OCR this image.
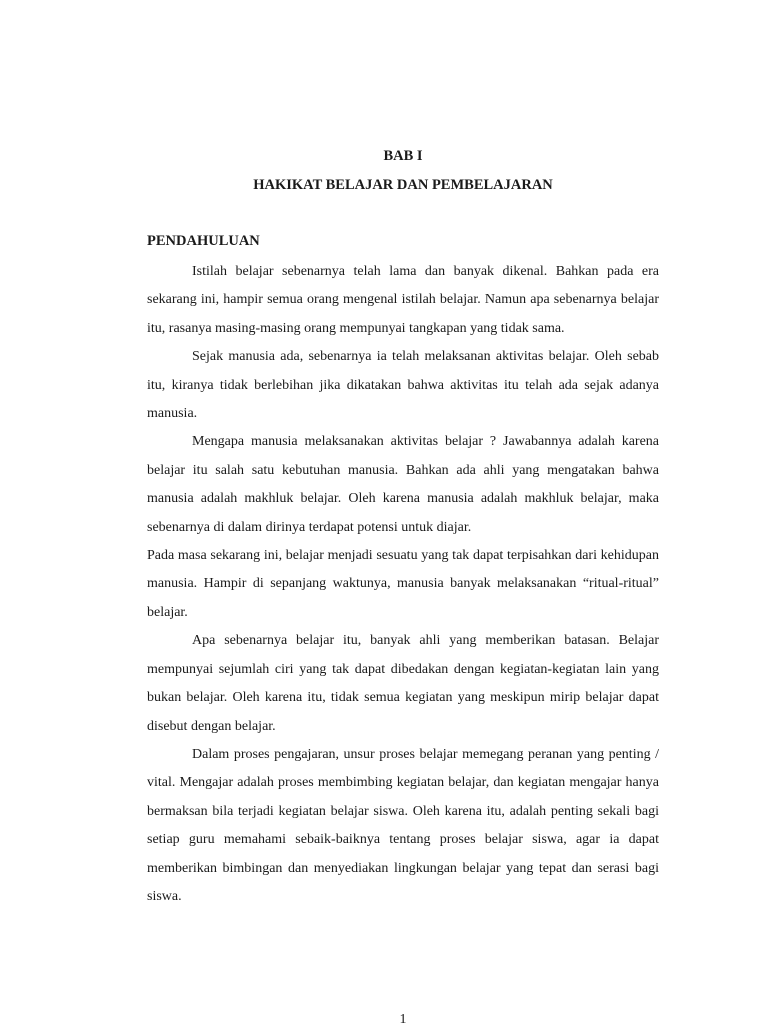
BAB I
HAKIKAT BELAJAR DAN PEMBELAJARAN
PENDAHULUAN

Istilah belajar sebenarnya telah lama dan banyak dikenal. Bahkan pada era sekarang ini, hampir semua orang mengenal istilah belajar. Namun apa sebenarnya belajar itu, rasanya masing-masing orang mempunyai tangkapan yang tidak sama.

Sejak manusia ada, sebenarnya ia telah melaksanan aktivitas belajar. Oleh sebab itu, kiranya tidak berlebihan jika dikatakan bahwa aktivitas itu telah ada sejak adanya manusia.

Mengapa manusia melaksanakan aktivitas belajar ? Jawabannya adalah karena belajar itu salah satu kebutuhan manusia. Bahkan ada ahli yang mengatakan bahwa manusia adalah makhluk belajar. Oleh karena manusia adalah makhluk belajar, maka sebenarnya di dalam dirinya terdapat potensi untuk diajar.

Pada masa sekarang ini, belajar menjadi sesuatu yang tak dapat terpisahkan dari kehidupan manusia. Hampir di sepanjang waktunya, manusia banyak melaksanakan “ritual-ritual” belajar.

Apa sebenarnya belajar itu, banyak ahli yang memberikan batasan. Belajar mempunyai sejumlah ciri yang tak dapat dibedakan dengan kegiatan-kegiatan lain yang bukan belajar. Oleh karena itu, tidak semua kegiatan yang meskipun mirip belajar dapat disebut dengan belajar.

Dalam proses pengajaran, unsur proses belajar memegang peranan yang penting / vital. Mengajar adalah proses membimbing kegiatan belajar, dan kegiatan mengajar hanya bermaksan bila terjadi kegiatan belajar siswa. Oleh karena itu, adalah penting sekali bagi setiap guru memahami sebaik-baiknya tentang proses belajar siswa, agar ia dapat memberikan bimbingan dan menyediakan lingkungan belajar yang tepat dan serasi bagi siswa.

1
